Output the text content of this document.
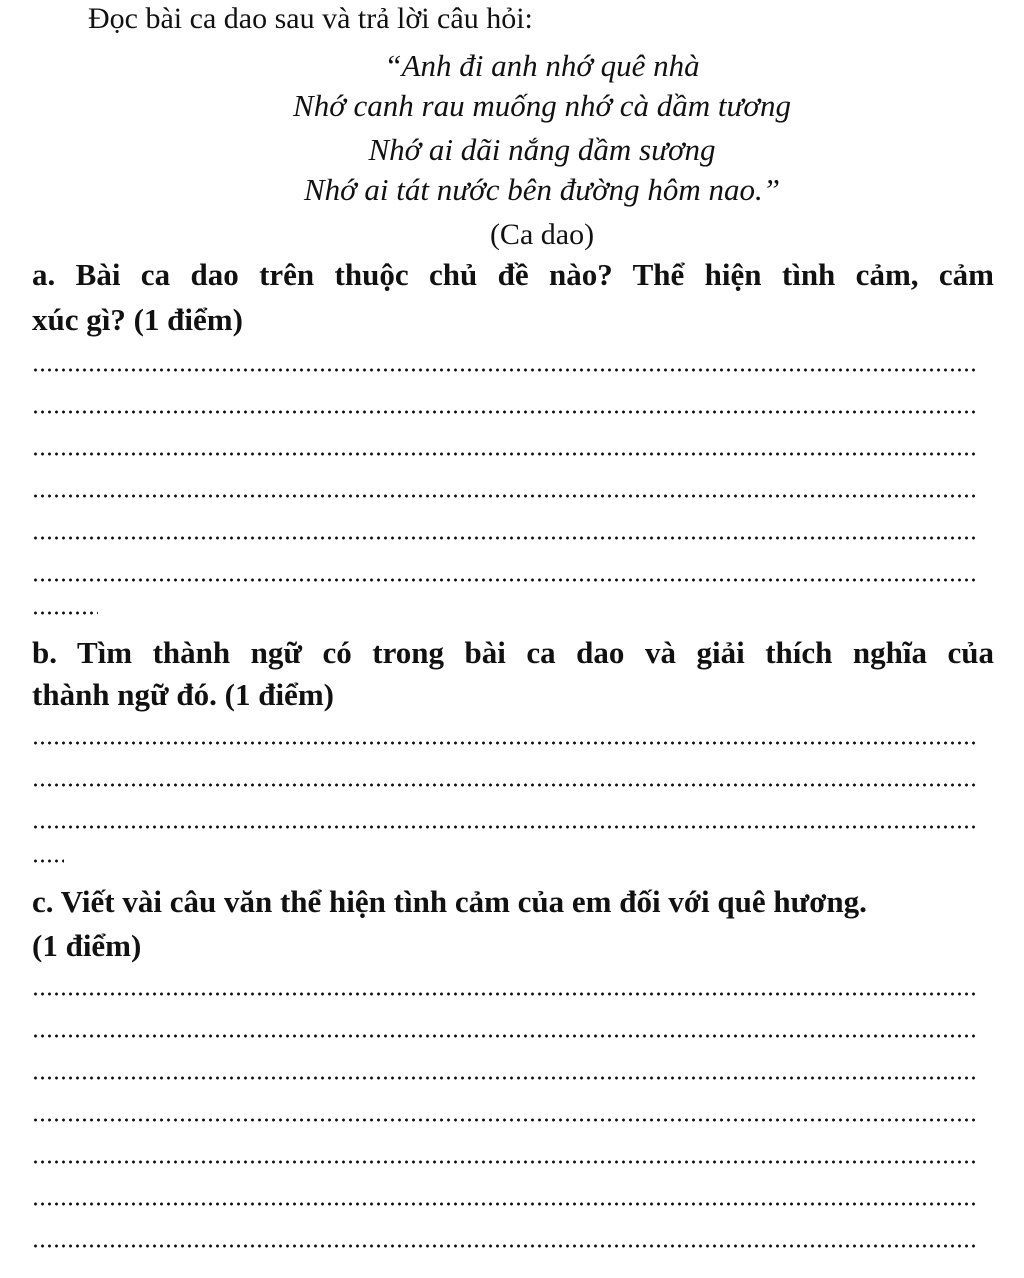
Đọc bài ca dao sau và trả lời câu hỏi:
“Anh đi anh nhớ quê nhà
Nhớ canh rau muống nhớ cà dầm tương
Nhớ ai dãi nắng dầm sương
Nhớ ai tát nước bên đường hôm nao.”
(Ca dao)
a. Bài ca dao trên thuộc chủ đề nào? Thể hiện tình cảm, cảm
xúc gì? (1 điểm)
b. Tìm thành ngữ có trong bài ca dao và giải thích nghĩa của
thành ngữ đó. (1 điểm)
c. Viết vài câu văn thể hiện tình cảm của em đối với quê hương.
(1 điểm)
